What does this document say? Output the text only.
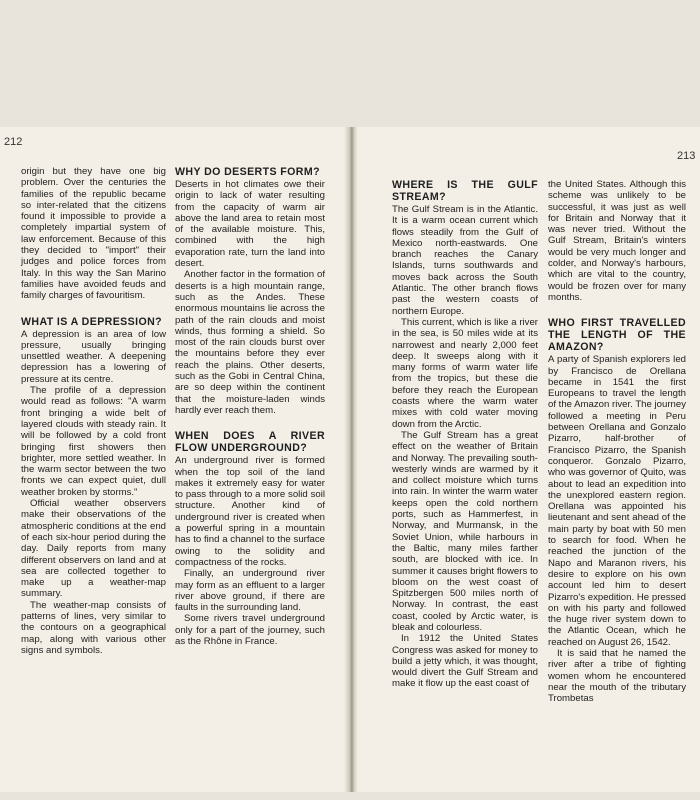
212
213

origin but they have one big problem. Over the centuries the families of the republic became so inter-related that the citizens found it impossible to provide a completely impartial system of law enforcement. Because of this they decided to "import" their judges and police forces from Italy. In this way the San Marino families have avoided feuds and family charges of favouritism.

WHAT IS A DEPRESSION?

A depression is an area of low pressure, usually bringing unsettled weather. A deepening depression has a lowering of pressure at its centre.

The profile of a depression would read as follows: "A warm front bringing a wide belt of layered clouds with steady rain. It will be followed by a cold front bringing first showers then brighter, more settled weather. In the warm sector between the two fronts we can expect quiet, dull weather broken by storms."

Official weather observers make their observations of the atmospheric conditions at the end of each six-hour period during the day. Daily reports from many different observers on land and at sea are collected together to make up a weather-map summary.

The weather-map consists of patterns of lines, very similar to the contours on a geographical map, along with various other signs and symbols.

WHY DO DESERTS FORM?

Deserts in hot climates owe their origin to lack of water resulting from the capacity of warm air above the land area to retain most of the available moisture. This, combined with the high evaporation rate, turn the land into desert.

Another factor in the formation of deserts is a high mountain range, such as the Andes. These enormous mountains lie across the path of the rain clouds and moist winds, thus forming a shield. So most of the rain clouds burst over the mountains before they ever reach the plains. Other deserts, such as the Gobi in Central China, are so deep within the continent that the moisture-laden winds hardly ever reach them.

WHEN DOES A RIVER FLOW UNDERGROUND?

An underground river is formed when the top soil of the land makes it extremely easy for water to pass through to a more solid soil structure. Another kind of underground river is created when a powerful spring in a mountain has to find a channel to the surface owing to the solidity and compactness of the rocks.

Finally, an underground river may form as an effluent to a larger river above ground, if there are faults in the surrounding land.

Some rivers travel underground only for a part of the journey, such as the Rhône in France.

WHERE IS THE GULF STREAM?

The Gulf Stream is in the Atlantic. It is a warm ocean current which flows steadily from the Gulf of Mexico north-eastwards. One branch reaches the Canary Islands, turns southwards and moves back across the South Atlantic. The other branch flows past the western coasts of northern Europe.

This current, which is like a river in the sea, is 50 miles wide at its narrowest and nearly 2,000 feet deep. It sweeps along with it many forms of warm water life from the tropics, but these die before they reach the European coasts where the warm water mixes with cold water moving down from the Arctic.

The Gulf Stream has a great effect on the weather of Britain and Norway. The prevailing south-westerly winds are warmed by it and collect moisture which turns into rain. In winter the warm water keeps open the cold northern ports, such as Hammerfest, in Norway, and Murmansk, in the Soviet Union, while harbours in the Baltic, many miles farther south, are blocked with ice. In summer it causes bright flowers to bloom on the west coast of Spitzbergen 500 miles north of Norway. In contrast, the east coast, cooled by Arctic water, is bleak and colourless.

In 1912 the United States Congress was asked for money to build a jetty which, it was thought, would divert the Gulf Stream and make it flow up the east coast of

the United States. Although this scheme was unlikely to be successful, it was just as well for Britain and Norway that it was never tried. Without the Gulf Stream, Britain's winters would be very much longer and colder, and Norway's harbours, which are vital to the country, would be frozen over for many months.

WHO FIRST TRAVELLED THE LENGTH OF THE AMAZON?

A party of Spanish explorers led by Francisco de Orellana became in 1541 the first Europeans to travel the length of the Amazon river. The journey followed a meeting in Peru between Orellana and Gonzalo Pizarro, half-brother of Francisco Pizarro, the Spanish conqueror. Gonzalo Pizarro, who was governor of Quito, was about to lead an expedition into the unexplored eastern region. Orellana was appointed his lieutenant and sent ahead of the main party by boat with 50 men to search for food. When he reached the junction of the Napo and Maranon rivers, his desire to explore on his own account led him to desert Pizarro's expedition. He pressed on with his party and followed the huge river system down to the Atlantic Ocean, which he reached on August 26, 1542.

It is said that he named the river after a tribe of fighting women whom he encountered near the mouth of the tributary Trombetas
